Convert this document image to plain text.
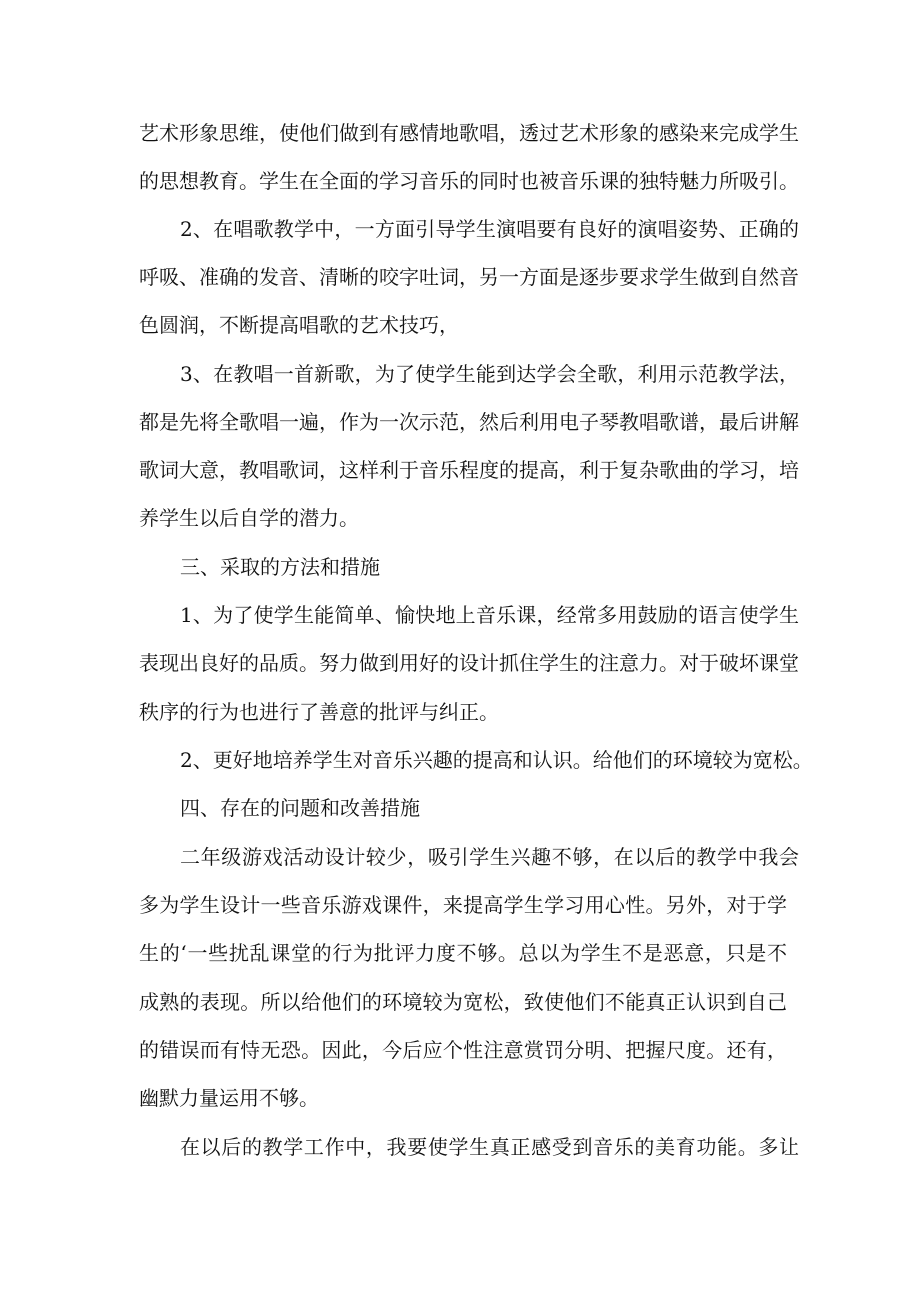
艺术形象思维，使他们做到有感情地歌唱，透过艺术形象的感染来完成学生
的思想教育。学生在全面的学习音乐的同时也被音乐课的独特魅力所吸引。
2、在唱歌教学中，一方面引导学生演唱要有良好的演唱姿势、正确的
呼吸、准确的发音、清晰的咬字吐词，另一方面是逐步要求学生做到自然音
色圆润，不断提高唱歌的艺术技巧，
3、在教唱一首新歌，为了使学生能到达学会全歌，利用示范教学法，
都是先将全歌唱一遍，作为一次示范，然后利用电子琴教唱歌谱，最后讲解
歌词大意，教唱歌词，这样利于音乐程度的提高，利于复杂歌曲的学习，培
养学生以后自学的潜力。
三、采取的方法和措施
1、为了使学生能简单、愉快地上音乐课，经常多用鼓励的语言使学生
表现出良好的品质。努力做到用好的设计抓住学生的注意力。对于破坏课堂
秩序的行为也进行了善意的批评与纠正。
2、更好地培养学生对音乐兴趣的提高和认识。给他们的环境较为宽松。
四、存在的问题和改善措施
二年级游戏活动设计较少，吸引学生兴趣不够，在以后的教学中我会
多为学生设计一些音乐游戏课件，来提高学生学习用心性。另外，对于学
生的‘一些扰乱课堂的行为批评力度不够。总以为学生不是恶意，只是不
成熟的表现。所以给他们的环境较为宽松，致使他们不能真正认识到自己
的错误而有恃无恐。因此，今后应个性注意赏罚分明、把握尺度。还有，
幽默力量运用不够。
在以后的教学工作中，我要使学生真正感受到音乐的美育功能。多让
